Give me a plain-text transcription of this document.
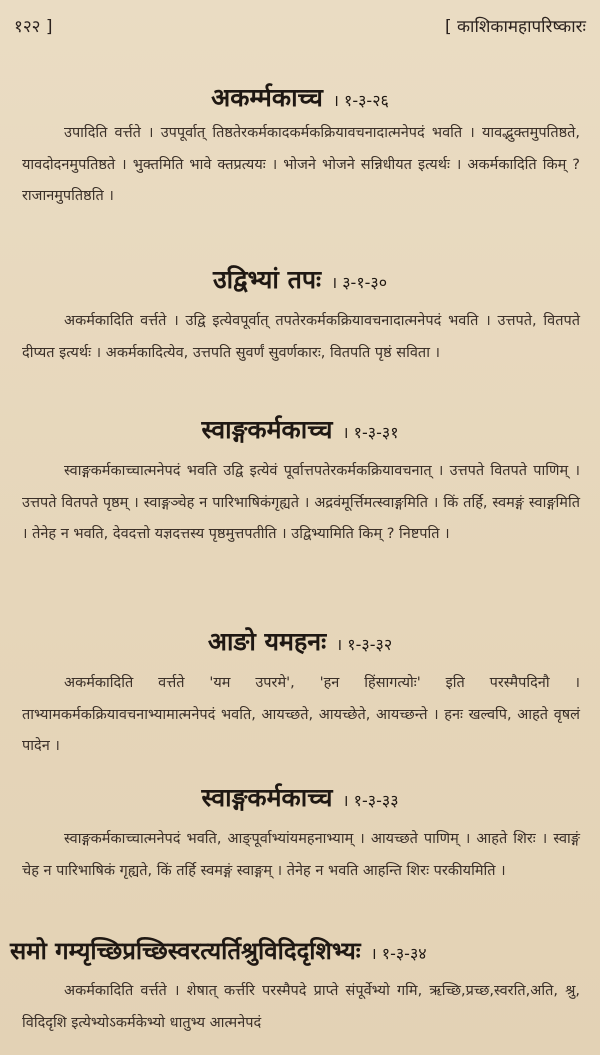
१२२ ]	[ काशिकामहापरिष्कारः
अकर्म्मकाच्च । १-३-२६
उपादिति वर्त्तते । उपपूर्वात् तिष्ठतेरकर्मकादकर्मकक्रियावचनादात्मनेपदं भवति । यावद्भुक्तमुपतिष्ठते, यावदोदनमुपतिष्ठते । भुक्तमिति भावे क्तप्रत्ययः । भोजने भोजने सन्निधीयत इत्यर्थः । अकर्मकादिति किम् ? राजानमुपतिष्ठति ।
उद्विभ्यां तपः । ३-१-३०
अकर्मकादिति वर्त्तते । उद्वि इत्येवपूर्वात् तपतेरकर्मकक्रियावचनादात्मनेपदं भवति । उत्तपते, वितपते दीप्यत इत्यर्थः । अकर्मकादित्येव, उत्तपति सुवर्णं सुवर्णकारः, वितपति पृष्ठं सविता ।
स्वाङ्गकर्मकाच्च । १-३-३१
स्वाङ्गकर्मकाच्चात्मनेपदं भवति उद्वि इत्येवं पूर्वात्तपतेरकर्मकक्रियावचनात् । उत्तपते वितपते पाणिम् । उत्तपते वितपते पृष्ठम् । स्वाङ्गञ्चेह न पारिभाषिकंगृह्यते । अद्रवंमूर्त्तिमत्स्वाङ्गमिति । किं तर्हि, स्वमङ्गं स्वाङ्गमिति । तेनेह न भवति, देवदत्तो यज्ञदत्तस्य पृष्ठमुत्तपतीति । उद्विभ्यामिति किम् ? निष्टपति ।
आङो यमहनः । १-३-३२
अकर्मकादिति वर्त्तते 'यम उपरमे', 'हन हिंसागत्योः' इति परस्मैपदिनौ । ताभ्यामकर्मकक्रियावचनाभ्यामात्मनेपदं भवति, आयच्छते, आयच्छेते, आयच्छन्ते । हनः खल्वपि, आहते वृषलं पादेन ।
स्वाङ्गकर्मकाच्च । १-३-३३
स्वाङ्गकर्मकाच्चात्मनेपदं भवति, आङ्पूर्वाभ्यांयमहनाभ्याम् । आयच्छते पाणिम् । आहते शिरः । स्वाङ्गं चेह न पारिभाषिकं गृह्यते, किं तर्हि स्वमङ्गं स्वाङ्गम् । तेनेह न भवति आहन्ति शिरः परकीयमिति ।
समो गम्यृच्छिप्रच्छिस्वरत्यर्तिश्रुविदिदृशिभ्यः । १-३-३४
अकर्मकादिति वर्त्तते । शेषात् कर्त्तरि परस्मैपदे प्राप्ते संपूर्वेभ्यो गमि, ऋच्छि,प्रच्छ,स्वरति,अति, श्रु, विदिदृशि इत्येभ्योऽकर्मकेभ्यो धातुभ्य आत्मनेपदं
